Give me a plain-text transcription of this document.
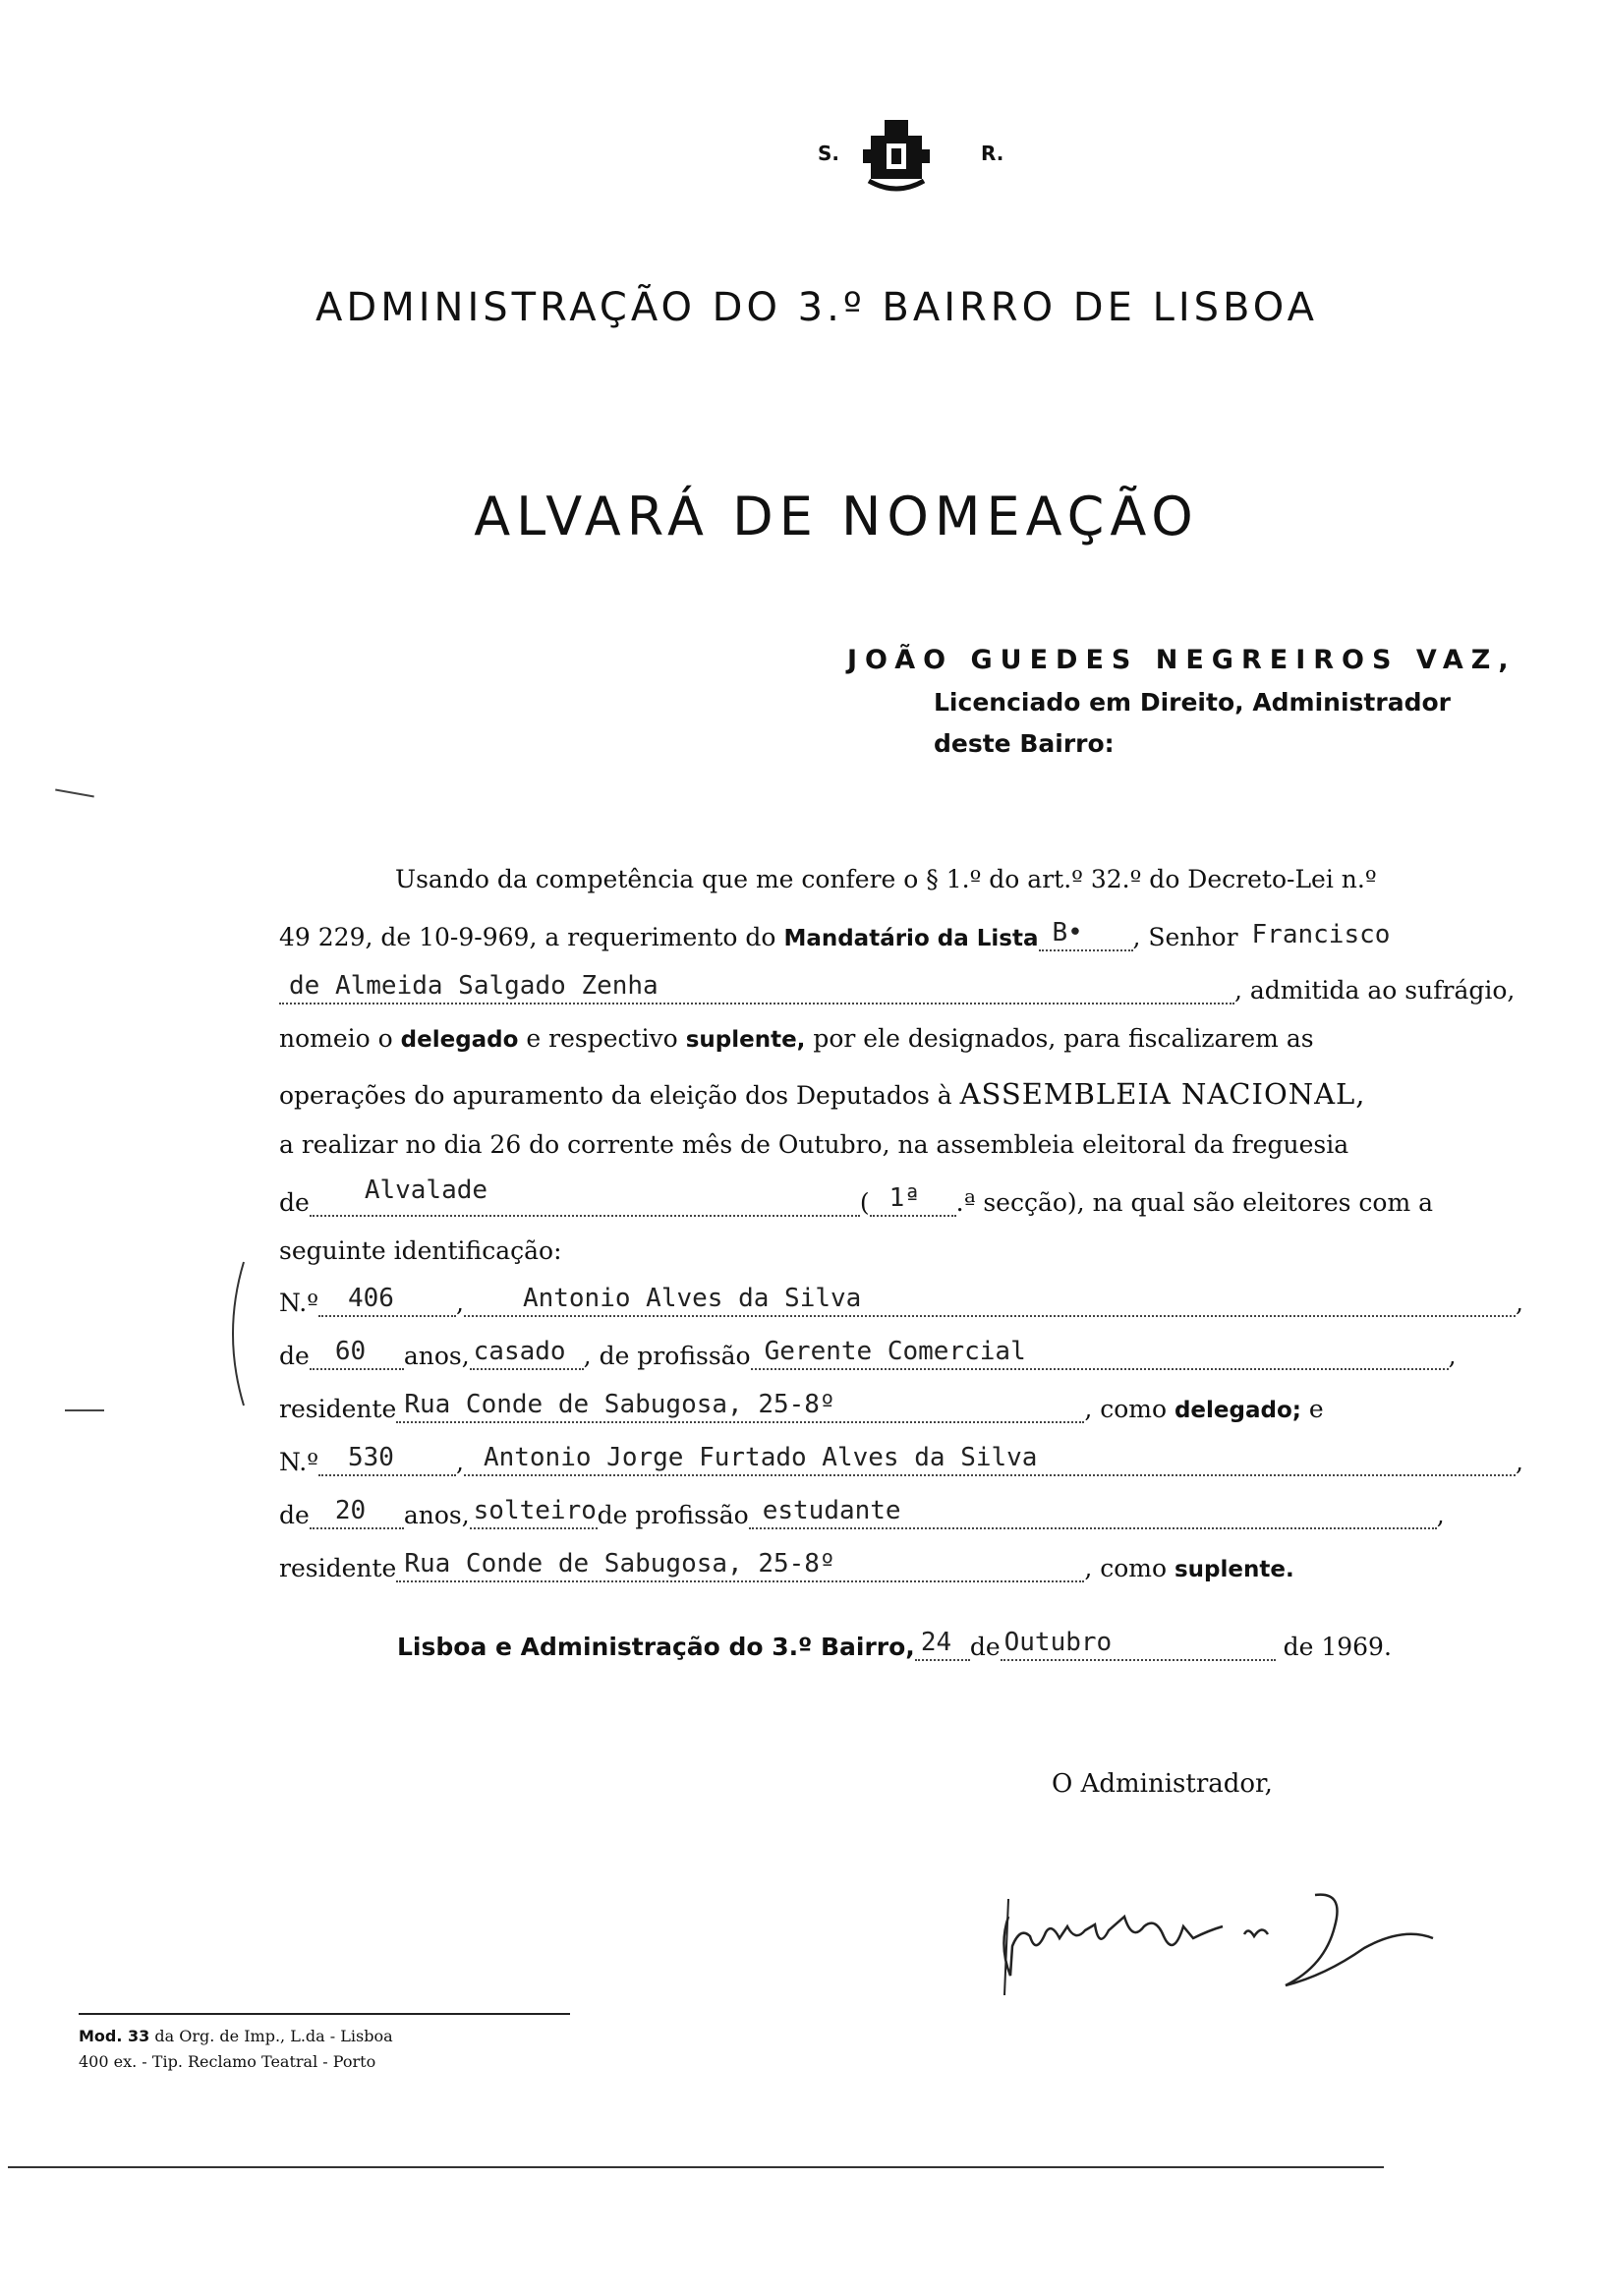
S.	R.
ADMINISTRAÇÃO DO 3.º BAIRRO DE LISBOA
ALVARÁ DE NOMEAÇÃO
JOÃO GUEDES NEGREIROS VAZ,
Licenciado em Direito, Administrador
deste Bairro:
Usando da competência que me confere o § 1.º do art.º 32.º do Decreto-Lei n.º
49 229, de 10-9-969, a requerimento do Mandatário da Lista B• , Senhor Francisco
de Almeida Salgado Zenha	, admitida ao sufrágio,
nomeio o delegado e respectivo suplente, por ele designados, para fiscalizarem as
operações do apuramento da eleição dos Deputados à ASSEMBLEIA NACIONAL,
a realizar no dia 26 do corrente mês de Outubro, na assembleia eleitoral da freguesia
de Alvalade	( 1ª .ª secção), na qual são eleitores com a
seguinte identificação:
N.º 406	, Antonio Alves da Silva	,
de 60 anos, casado , de profissão Gerente Comercial	,
residente Rua Conde de Sabugosa, 25-8º	, como delegado; e
N.º 530	, Antonio Jorge Furtado Alves da Silva	,
de 20 anos, solteiro de profissão estudante	,
residente Rua Conde de Sabugosa, 25-8º	, como suplente.
Lisboa e Administração do 3.º Bairro, 24 de Outubro	de 1969.
O Administrador,
Mod. 33 da Org. de Imp., L.da - Lisboa
400 ex. - Tip. Reclamo Teatral - Porto
